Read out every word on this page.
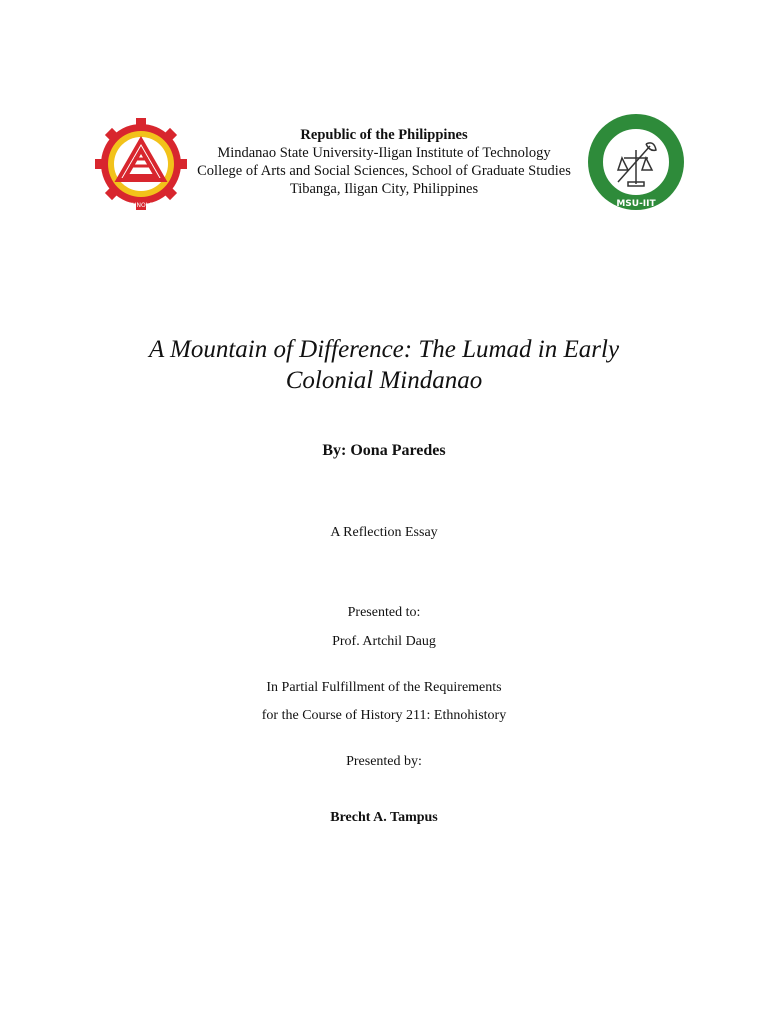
TECHNOLOGY	MSU-IIT
Republic of the Philippines
Mindanao State University-Iligan Institute of Technology
College of Arts and Social Sciences, School of Graduate Studies
Tibanga, Iligan City, Philippines
A Mountain of Difference: The Lumad in Early
Colonial Mindanao
By: Oona Paredes
A Reflection Essay
Presented to:
Prof. Artchil Daug
In Partial Fulfillment of the Requirements
for the Course of History 211: Ethnohistory
Presented by:
Brecht A. Tampus
